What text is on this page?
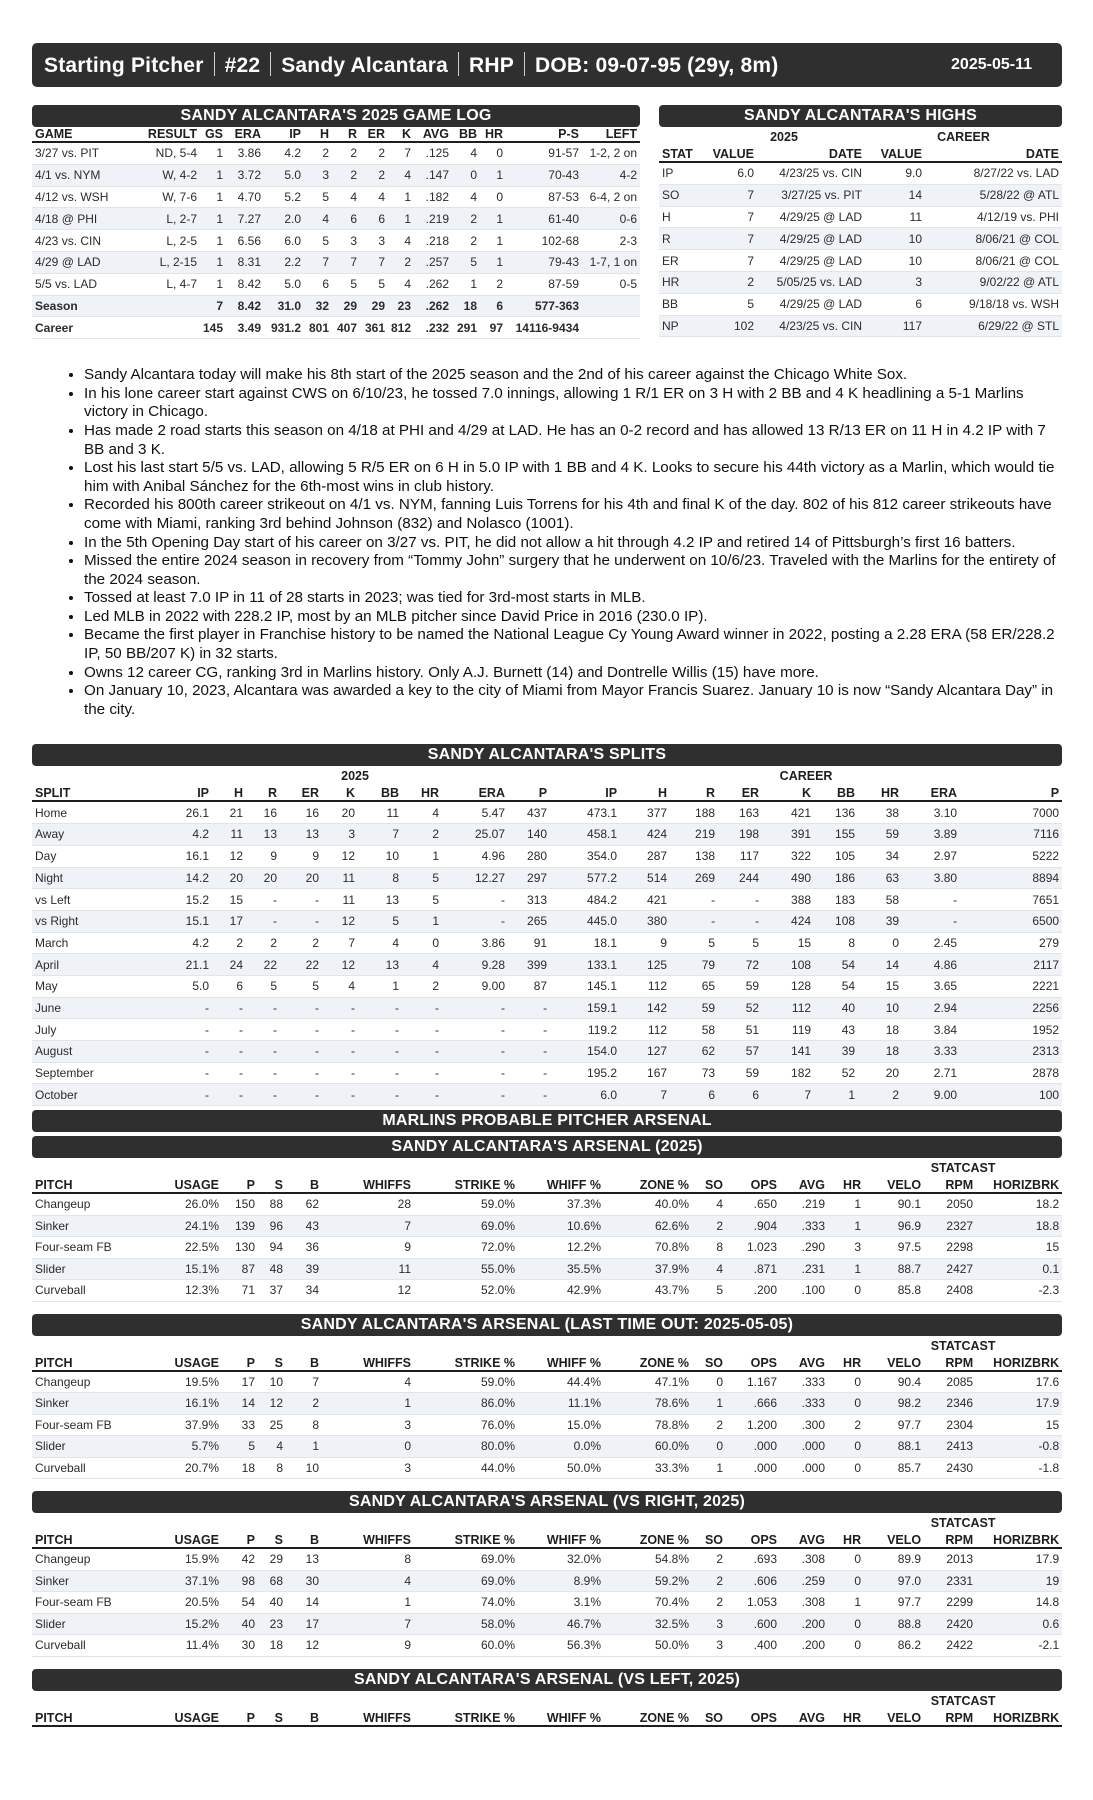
Starting Pitcher #22 Sandy Alcantara RHP DOB: 09-07-95 (29y, 8m)	2025-05-11
SANDY ALCANTARA'S 2025 GAME LOG
GAME	RESULT	GS	ERA	IP	H	R	ER	K	AVG	BB	HR	P-S	LEFT
3/27 vs. PIT	ND, 5-4	1	3.86	4.2	2	2	2	7	.125	4	0	91-57	1-2, 2 on
4/1 vs. NYM	W, 4-2	1	3.72	5.0	3	2	2	4	.147	0	1	70-43	4-2
4/12 vs. WSH	W, 7-6	1	4.70	5.2	5	4	4	1	.182	4	0	87-53	6-4, 2 on
4/18 @ PHI	L, 2-7	1	7.27	2.0	4	6	6	1	.219	2	1	61-40	0-6
4/23 vs. CIN	L, 2-5	1	6.56	6.0	5	3	3	4	.218	2	1	102-68	2-3
4/29 @ LAD	L, 2-15	1	8.31	2.2	7	7	7	2	.257	5	1	79-43	1-7, 1 on
5/5 vs. LAD	L, 4-7	1	8.42	5.0	6	5	5	4	.262	1	2	87-59	0-5
Season		7	8.42	31.0	32	29	29	23	.262	18	6	577-363	
Career		145	3.49	931.2	801	407	361	812	.232	291	97	14116-9434	
SANDY ALCANTARA'S HIGHS
	2025		CAREER	
STAT	VALUE	DATE	VALUE	DATE
IP	6.0	4/23/25 vs. CIN	9.0	8/27/22 vs. LAD
SO	7	3/27/25 vs. PIT	14	5/28/22 @ ATL
H	7	4/29/25 @ LAD	11	4/12/19 vs. PHI
R	7	4/29/25 @ LAD	10	8/06/21 @ COL
ER	7	4/29/25 @ LAD	10	8/06/21 @ COL
HR	2	5/05/25 vs. LAD	3	9/02/22 @ ATL
BB	5	4/29/25 @ LAD	6	9/18/18 vs. WSH
NP	102	4/23/25 vs. CIN	117	6/29/22 @ STL
• Sandy Alcantara today will make his 8th start of the 2025 season and the 2nd of his career against the Chicago White Sox.
• In his lone career start against CWS on 6/10/23, he tossed 7.0 innings, allowing 1 R/1 ER on 3 H with 2 BB and 4 K headlining a 5-1 Marlins victory in Chicago.
• Has made 2 road starts this season on 4/18 at PHI and 4/29 at LAD. He has an 0-2 record and has allowed 13 R/13 ER on 11 H in 4.2 IP with 7 BB and 3 K.
• Lost his last start 5/5 vs. LAD, allowing 5 R/5 ER on 6 H in 5.0 IP with 1 BB and 4 K. Looks to secure his 44th victory as a Marlin, which would tie him with Anibal Sánchez for the 6th-most wins in club history.
• Recorded his 800th career strikeout on 4/1 vs. NYM, fanning Luis Torrens for his 4th and final K of the day. 802 of his 812 career strikeouts have come with Miami, ranking 3rd behind Johnson (832) and Nolasco (1001).
• In the 5th Opening Day start of his career on 3/27 vs. PIT, he did not allow a hit through 4.2 IP and retired 14 of Pittsburgh’s first 16 batters.
• Missed the entire 2024 season in recovery from “Tommy John” surgery that he underwent on 10/6/23. Traveled with the Marlins for the entirety of the 2024 season.
• Tossed at least 7.0 IP in 11 of 28 starts in 2023; was tied for 3rd-most starts in MLB.
• Led MLB in 2022 with 228.2 IP, most by an MLB pitcher since David Price in 2016 (230.0 IP).
• Became the first player in Franchise history to be named the National League Cy Young Award winner in 2022, posting a 2.28 ERA (58 ER/228.2 IP, 50 BB/207 K) in 32 starts.
• Owns 12 career CG, ranking 3rd in Marlins history. Only A.J. Burnett (14) and Dontrelle Willis (15) have more.
• On January 10, 2023, Alcantara was awarded a key to the city of Miami from Mayor Francis Suarez. January 10 is now “Sandy Alcantara Day” in the city.
SANDY ALCANTARA'S SPLITS
	2025									CAREER								
SPLIT	IP	H	R	ER	K	BB	HR	ERA	P	IP	H	R	ER	K	BB	HR	ERA	P
Home	26.1	21	16	16	20	11	4	5.47	437	473.1	377	188	163	421	136	38	3.10	7000
Away	4.2	11	13	13	3	7	2	25.07	140	458.1	424	219	198	391	155	59	3.89	7116
Day	16.1	12	9	9	12	10	1	4.96	280	354.0	287	138	117	322	105	34	2.97	5222
Night	14.2	20	20	20	11	8	5	12.27	297	577.2	514	269	244	490	186	63	3.80	8894
vs Left	15.2	15	-	-	11	13	5	-	313	484.2	421	-	-	388	183	58	-	7651
vs Right	15.1	17	-	-	12	5	1	-	265	445.0	380	-	-	424	108	39	-	6500
March	4.2	2	2	2	7	4	0	3.86	91	18.1	9	5	5	15	8	0	2.45	279
April	21.1	24	22	22	12	13	4	9.28	399	133.1	125	79	72	108	54	14	4.86	2117
May	5.0	6	5	5	4	1	2	9.00	87	145.1	112	65	59	128	54	15	3.65	2221
June	-	-	-	-	-	-	-	-	-	159.1	142	59	52	112	40	10	2.94	2256
July	-	-	-	-	-	-	-	-	-	119.2	112	58	51	119	43	18	3.84	1952
August	-	-	-	-	-	-	-	-	-	154.0	127	62	57	141	39	18	3.33	2313
September	-	-	-	-	-	-	-	-	-	195.2	167	73	59	182	52	20	2.71	2878
October	-	-	-	-	-	-	-	-	-	6.0	7	6	6	7	1	2	9.00	100
MARLINS PROBABLE PITCHER ARSENAL
SANDY ALCANTARA'S ARSENAL (2025)
													STATCAST		
PITCH	USAGE	P	S	B	WHIFFS	STRIKE %	WHIFF %	ZONE %	SO	OPS	AVG	HR	VELO	RPM	HORIZBRK
Changeup	26.0%	150	88	62	28	59.0%	37.3%	40.0%	4	.650	.219	1	90.1	2050	18.2
Sinker	24.1%	139	96	43	7	69.0%	10.6%	62.6%	2	.904	.333	1	96.9	2327	18.8
Four-seam FB	22.5%	130	94	36	9	72.0%	12.2%	70.8%	8	1.023	.290	3	97.5	2298	15
Slider	15.1%	87	48	39	11	55.0%	35.5%	37.9%	4	.871	.231	1	88.7	2427	0.1
Curveball	12.3%	71	37	34	12	52.0%	42.9%	43.7%	5	.200	.100	0	85.8	2408	-2.3
SANDY ALCANTARA'S ARSENAL (LAST TIME OUT: 2025-05-05)
													STATCAST		
PITCH	USAGE	P	S	B	WHIFFS	STRIKE %	WHIFF %	ZONE %	SO	OPS	AVG	HR	VELO	RPM	HORIZBRK
Changeup	19.5%	17	10	7	4	59.0%	44.4%	47.1%	0	1.167	.333	0	90.4	2085	17.6
Sinker	16.1%	14	12	2	1	86.0%	11.1%	78.6%	1	.666	.333	0	98.2	2346	17.9
Four-seam FB	37.9%	33	25	8	3	76.0%	15.0%	78.8%	2	1.200	.300	2	97.7	2304	15
Slider	5.7%	5	4	1	0	80.0%	0.0%	60.0%	0	.000	.000	0	88.1	2413	-0.8
Curveball	20.7%	18	8	10	3	44.0%	50.0%	33.3%	1	.000	.000	0	85.7	2430	-1.8
SANDY ALCANTARA'S ARSENAL (VS RIGHT, 2025)
													STATCAST		
PITCH	USAGE	P	S	B	WHIFFS	STRIKE %	WHIFF %	ZONE %	SO	OPS	AVG	HR	VELO	RPM	HORIZBRK
Changeup	15.9%	42	29	13	8	69.0%	32.0%	54.8%	2	.693	.308	0	89.9	2013	17.9
Sinker	37.1%	98	68	30	4	69.0%	8.9%	59.2%	2	.606	.259	0	97.0	2331	19
Four-seam FB	20.5%	54	40	14	1	74.0%	3.1%	70.4%	2	1.053	.308	1	97.7	2299	14.8
Slider	15.2%	40	23	17	7	58.0%	46.7%	32.5%	3	.600	.200	0	88.8	2420	0.6
Curveball	11.4%	30	18	12	9	60.0%	56.3%	50.0%	3	.400	.200	0	86.2	2422	-2.1
SANDY ALCANTARA'S ARSENAL (VS LEFT, 2025)
													STATCAST		
PITCH	USAGE	P	S	B	WHIFFS	STRIKE %	WHIFF %	ZONE %	SO	OPS	AVG	HR	VELO	RPM	HORIZBRK
